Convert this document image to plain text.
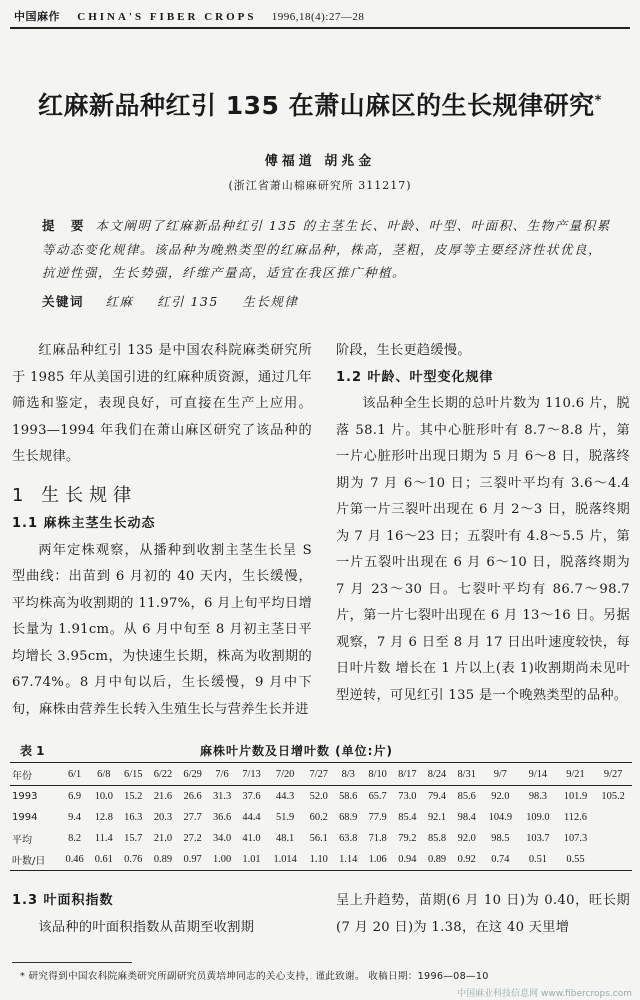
中国麻作 CHINA'S FIBER CROPS 1996,18(4):27—28
红麻新品种红引 135 在萧山麻区的生长规律研究*
傅福道 胡兆金
(浙江省萧山棉麻研究所 311217)
提 要 本文阐明了红麻新品种红引 135 的主茎生长、叶龄、叶型、叶面积、生物产量积累等动态变化规律。该品种为晚熟类型的红麻品种，株高，茎粗，皮厚等主要经济性状优良，抗逆性强，生长势强，纤维产量高，适宜在我区推广种植。
关键词 红麻 红引 135 生长规律

红麻品种红引 135 是中国农科院麻类研究所于 1985 年从美国引进的红麻种质资源，通过几年筛选和鉴定，表现良好，可直接在生产上应用。1993—1994 年我们在萧山麻区研究了该品种的生长规律。

1 生长规律

1.1 麻株主茎生长动态

两年定株观察，从播种到收割主茎生长呈 S 型曲线：出苗到 6 月初的 40 天内，生长缓慢，平均株高为收割期的 11.97%，6 月上旬平均日增长量为 1.91cm。从 6 月中旬至 8 月初主茎日平均增长 3.95cm，为快速生长期，株高为收割期的 67.74%。8 月中旬以后，生长缓慢，9 月中下旬，麻株由营养生长转入生殖生长与营养生长并进

阶段，生长更趋缓慢。

1.2 叶龄、叶型变化规律

该品种全生长期的总叶片数为 110.6 片，脱落 58.1 片。其中心脏形叶有 8.7～8.8 片，第一片心脏形叶出现日期为 5 月 6～8 日，脱落终期为 7 月 6～10 日；三裂叶平均有 3.6～4.4 片第一片三裂叶出现在 6 月 2～3 日，脱落终期为 7 月 16～23 日；五裂叶有 4.8～5.5 片，第一片五裂叶出现在 6 月 6～10 日，脱落终期为 7 月 23～30 日。七裂叶平均有 86.7～98.7 片，第一片七裂叶出现在 6 月 13～16 日。另据观察，7 月 6 日至 8 月 17 日出叶速度较快，每日叶片数 增长在 1 片以上(表 1)收割期尚未见叶型逆转，可见红引 135 是一个晚熟类型的品种。

表 1	麻株叶片数及日增叶数 (单位:片)
年份	6/1	6/8	6/15	6/22	6/29	7/6	7/13	7/20	7/27	8/3	8/10	8/17	8/24	8/31	9/7	9/14	9/21	9/27
1993	6.9	10.0	15.2	21.6	26.6	31.3	37.6	44.3	52.0	58.6	65.7	73.0	79.4	85.6	92.0	98.3	101.9	105.2
1994	9.4	12.8	16.3	20.3	27.7	36.6	44.4	51.9	60.2	68.9	77.9	85.4	92.1	98.4	104.9	109.0	112.6	
平均	8.2	11.4	15.7	21.0	27.2	34.0	41.0	48.1	56.1	63.8	71.8	79.2	85.8	92.0	98.5	103.7	107.3	
叶数/日	0.46	0.61	0.76	0.89	0.97	1.00	1.01	1.014	1.10	1.14	1.06	0.94	0.89	0.92	0.74	0.51	0.55	

1.3 叶面积指数

该品种的叶面积指数从苗期至收割期

呈上升趋势，苗期(6 月 10 日)为 0.40，旺长期(7 月 20 日)为 1.38，在这 40 天里增

* 研究得到中国农科院麻类研究所副研究员黄培坤同志的关心支持，谨此致谢。 收稿日期：1996—08—10
中国麻业科技信息网 www.fibercrops.com
